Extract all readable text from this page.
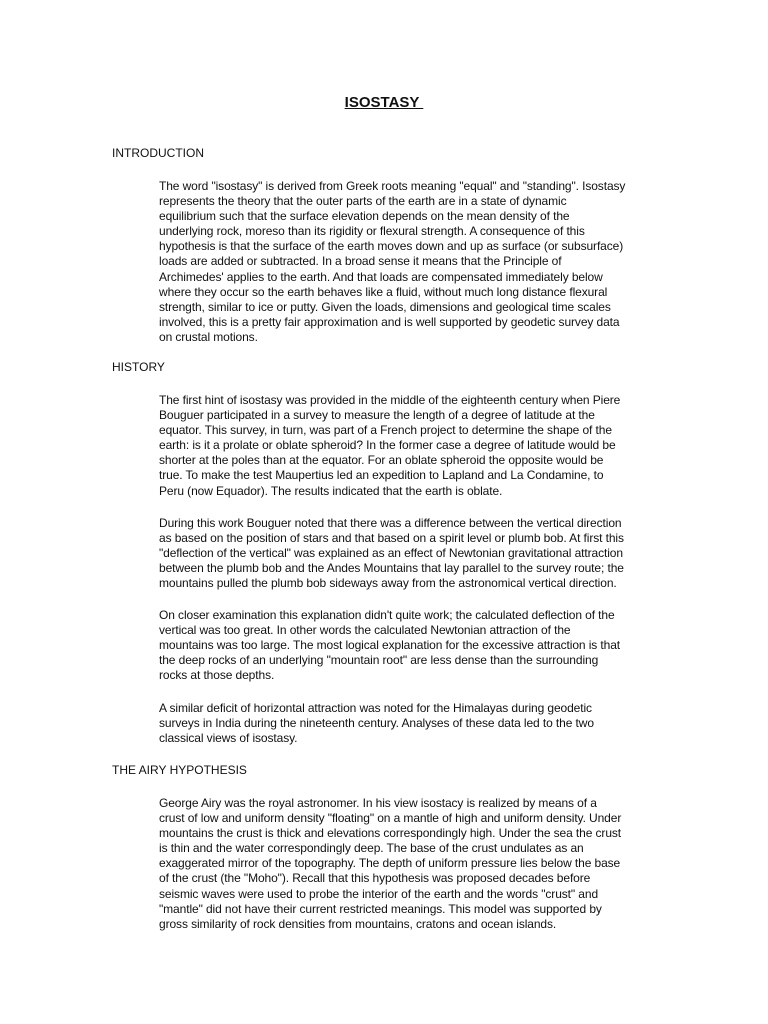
ISOSTASY
INTRODUCTION
The word "isostasy" is derived from Greek roots meaning "equal" and "standing". Isostasy
represents the theory that the outer parts of the earth are in a state of dynamic
equilibrium such that the surface elevation depends on the mean density of the
underlying rock, moreso than its rigidity or flexural strength. A consequence of this
hypothesis is that the surface of the earth moves down and up as surface (or subsurface)
loads are added or subtracted. In a broad sense it means that the Principle of
Archimedes' applies to the earth. And that loads are compensated immediately below
where they occur so the earth behaves like a fluid, without much long distance flexural
strength, similar to ice or putty. Given the loads, dimensions and geological time scales
involved, this is a pretty fair approximation and is well supported by geodetic survey data
on crustal motions.
HISTORY
The first hint of isostasy was provided in the middle of the eighteenth century when Piere
Bouguer participated in a survey to measure the length of a degree of latitude at the
equator. This survey, in turn, was part of a French project to determine the shape of the
earth: is it a prolate or oblate spheroid? In the former case a degree of latitude would be
shorter at the poles than at the equator. For an oblate spheroid the opposite would be
true. To make the test Maupertius led an expedition to Lapland and La Condamine, to
Peru (now Equador). The results indicated that the earth is oblate.
During this work Bouguer noted that there was a difference between the vertical direction
as based on the position of stars and that based on a spirit level or plumb bob. At first this
"deflection of the vertical" was explained as an effect of Newtonian gravitational attraction
between the plumb bob and the Andes Mountains that lay parallel to the survey route; the
mountains pulled the plumb bob sideways away from the astronomical vertical direction.
On closer examination this explanation didn't quite work; the calculated deflection of the
vertical was too great. In other words the calculated Newtonian attraction of the
mountains was too large. The most logical explanation for the excessive attraction is that
the deep rocks of an underlying "mountain root" are less dense than the surrounding
rocks at those depths.
A similar deficit of horizontal attraction was noted for the Himalayas during geodetic
surveys in India during the nineteenth century. Analyses of these data led to the two
classical views of isostasy.
THE AIRY HYPOTHESIS
George Airy was the royal astronomer. In his view isostacy is realized by means of a
crust of low and uniform density "floating" on a mantle of high and uniform density. Under
mountains the crust is thick and elevations correspondingly high. Under the sea the crust
is thin and the water correspondingly deep. The base of the crust undulates as an
exaggerated mirror of the topography. The depth of uniform pressure lies below the base
of the crust (the "Moho"). Recall that this hypothesis was proposed decades before
seismic waves were used to probe the interior of the earth and the words "crust" and
"mantle" did not have their current restricted meanings. This model was supported by
gross similarity of rock densities from mountains, cratons and ocean islands.
